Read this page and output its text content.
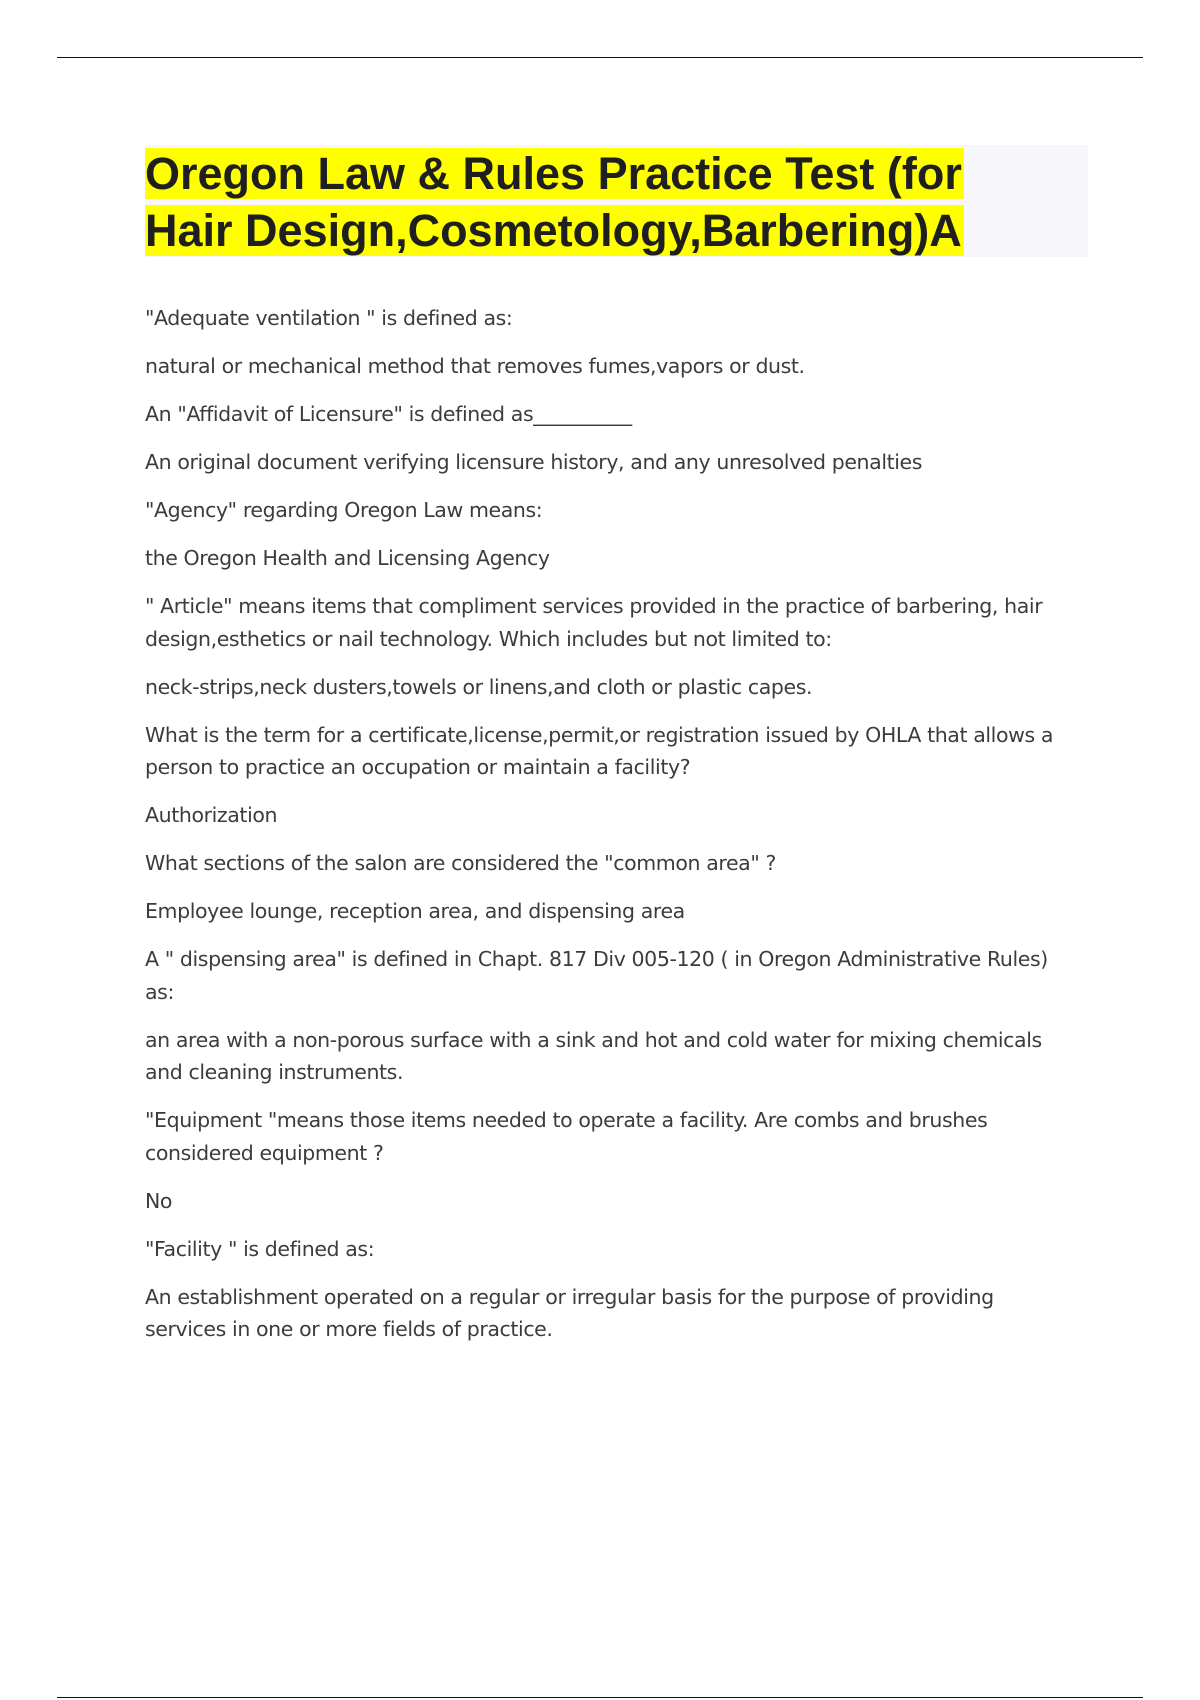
Oregon Law & Rules Practice Test (for
Hair Design,Cosmetology,Barbering)A

"Adequate ventilation " is defined as:

natural or mechanical method that removes fumes,vapors or dust.

An "Affidavit of Licensure" is defined as__________

An original document verifying licensure history, and any unresolved penalties

"Agency" regarding Oregon Law means:

the Oregon Health and Licensing Agency

" Article" means items that compliment services provided in the practice of barbering, hair design,esthetics or nail technology. Which includes but not limited to:

neck-strips,neck dusters,towels or linens,and cloth or plastic capes.

What is the term for a certificate,license,permit,or registration issued by OHLA that allows a person to practice an occupation or maintain a facility?

Authorization

What sections of the salon are considered the "common area" ?

Employee lounge, reception area, and dispensing area

A " dispensing area" is defined in Chapt. 817 Div 005-120 ( in Oregon Administrative Rules) as:

an area with a non-porous surface with a sink and hot and cold water for mixing chemicals and cleaning instruments.

"Equipment "means those items needed to operate a facility. Are combs and brushes considered equipment ?

No

"Facility " is defined as:

An establishment operated on a regular or irregular basis for the purpose of providing services in one or more fields of practice.
